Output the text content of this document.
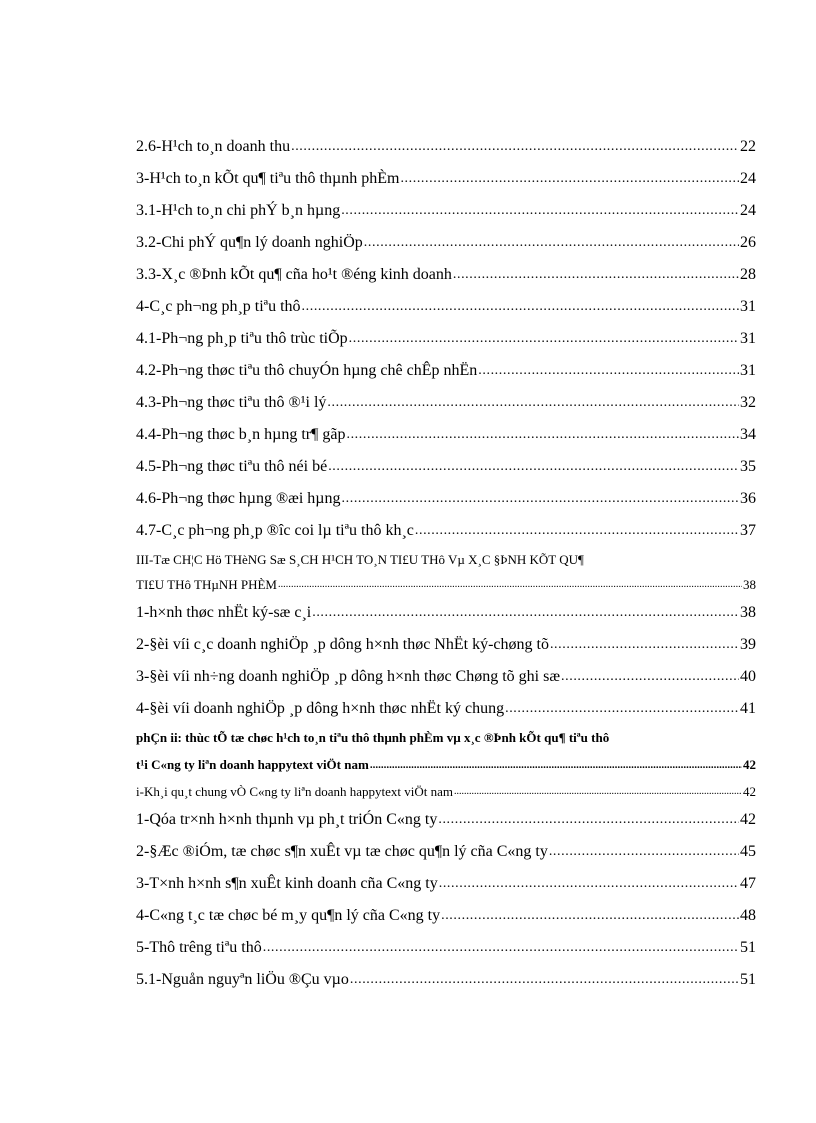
2.6-H¹ch to¸n doanh thu .....	22
3-H¹ch to¸n kÕt qu¶ tiªu thô thµnh phÈm .....	24
3.1-H¹ch to¸n chi phÝ b¸n hµng .....	24
3.2-Chi phÝ qu¶n lý doanh nghiÖp .....	26
3.3-X¸c ®Þnh kÕt qu¶ cña ho¹t ®éng kinh doanh .....	28
4-C¸c ph¬ng ph¸p tiªu thô .....	31
4.1-Ph¬ng ph¸p tiªu thô trùc tiÕp .....	31
4.2-Ph¬ng thøc tiªu thô chuyÓn hµng chê chÊp nhËn .....	31
4.3-Ph¬ng thøc tiªu thô ®¹i lý .....	32
4.4-Ph¬ng thøc b¸n hµng tr¶ gãp .....	34
4.5-Ph¬ng thøc tiªu thô néi bé .....	35
4.6-Ph¬ng thøc hµng ®æi hµng .....	36
4.7-C¸c ph¬ng ph¸p ®îc coi lµ tiªu thô kh¸c .....	37
III-Tæ CH¦C Hö THèNG Sæ S¸CH H¹CH TO¸N TI£U THô Vµ X¸C §ÞNH KÕT QU¶
TI£U THô THµNH PHÈM .....	38
1-h×nh thøc nhËt ký-sæ c¸i .....	38
2-§èi víi c¸c doanh nghiÖp ¸p dông h×nh thøc NhËt ký-chøng tõ .....	39
3-§èi víi nh÷ng doanh nghiÖp ¸p dông h×nh thøc Chøng tõ ghi sæ .....	40
4-§èi víi doanh nghiÖp ¸p dông h×nh thøc nhËt ký chung .....	41
phÇn ii: thùc tÕ tæ chøc h¹ch to¸n tiªu thô thµnh phÈm vµ x¸c ®Þnh kÕt qu¶ tiªu thô
t¹i C«ng ty liªn doanh happytext viÖt nam .....	42
i-Kh¸i qu¸t chung vÒ C«ng ty liªn doanh happytext viÖt nam .....	42
1-Qóa tr×nh h×nh thµnh vµ ph¸t triÓn C«ng ty .....	42
2-§Æc ®iÓm, tæ chøc s¶n xuÊt vµ tæ chøc qu¶n lý cña C«ng ty .....	45
3-T×nh h×nh s¶n xuÊt kinh doanh cña C«ng ty .....	47
4-C«ng t¸c tæ chøc bé m¸y qu¶n lý cña C«ng ty .....	48
5-Thô trêng tiªu thô .....	51
5.1-Nguån nguyªn liÖu ®Çu vµo .....	51
